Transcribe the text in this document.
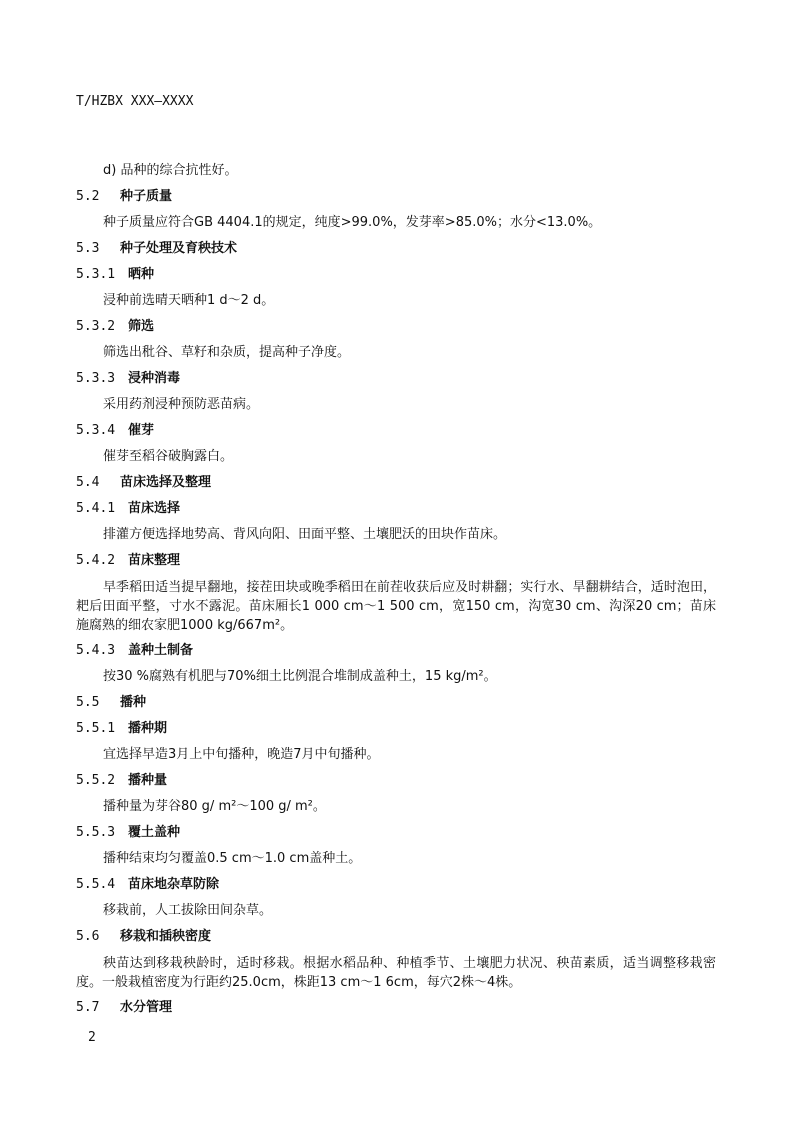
T/HZBX XXX—XXXX
d) 品种的综合抗性好。
5.2 种子质量
种子质量应符合GB 4404.1的规定，纯度>99.0%，发芽率>85.0%；水分<13.0%。
5.3 种子处理及育秧技术
5.3.1 晒种
浸种前选晴天晒种1 d～2 d。
5.3.2 筛选
筛选出秕谷、草籽和杂质，提高种子净度。
5.3.3 浸种消毒
采用药剂浸种预防恶苗病。
5.3.4 催芽
催芽至稻谷破胸露白。
5.4 苗床选择及整理
5.4.1 苗床选择
排灌方便选择地势高、背风向阳、田面平整、土壤肥沃的田块作苗床。
5.4.2 苗床整理
早季稻田适当提早翻地，接茬田块或晚季稻田在前茬收获后应及时耕翻；实行水、旱翻耕结合，适时泡田，耙后田面平整，寸水不露泥。苗床厢长1 000 cm～1 500 cm，宽150 cm，沟宽30 cm、沟深20 cm；苗床施腐熟的细农家肥1000 kg/667m²。
5.4.3 盖种土制备
按30 %腐熟有机肥与70%细土比例混合堆制成盖种土，15 kg/m²。
5.5 播种
5.5.1 播种期
宜选择早造3月上中旬播种，晚造7月中旬播种。
5.5.2 播种量
播种量为芽谷80 g/ m²～100 g/ m²。
5.5.3 覆土盖种
播种结束均匀覆盖0.5 cm～1.0 cm盖种土。
5.5.4 苗床地杂草防除
移栽前，人工拔除田间杂草。
5.6 移栽和插秧密度
秧苗达到移栽秧龄时，适时移栽。根据水稻品种、种植季节、土壤肥力状况、秧苗素质，适当调整移栽密度。一般栽植密度为行距约25.0cm，株距13 cm～1 6cm，每穴2株～4株。
5.7 水分管理
2
